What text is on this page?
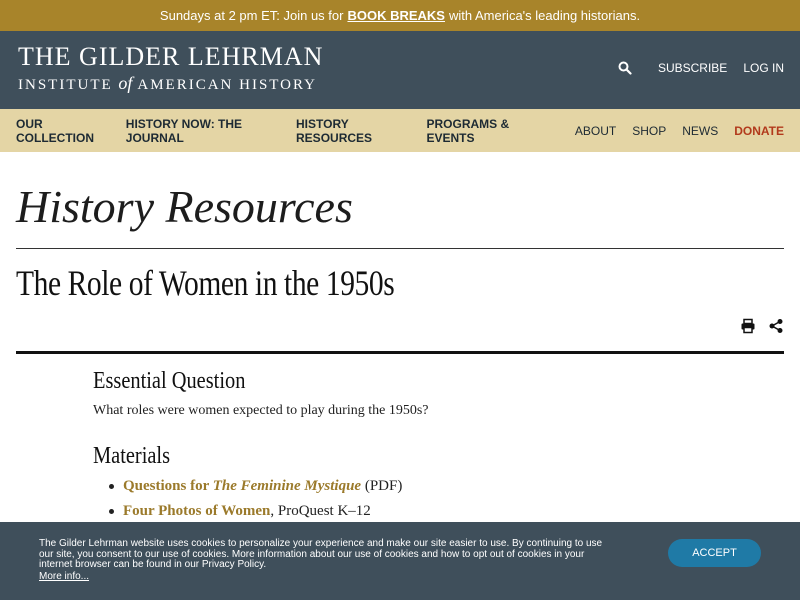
Sundays at 2 pm ET: Join us for BOOK BREAKS with America's leading historians.
THE GILDER LEHRMAN
INSTITUTE of AMERICAN HISTORY
SUBSCRIBE LOG IN
OUR COLLECTION
HISTORY NOW: THE JOURNAL
HISTORY RESOURCES
PROGRAMS & EVENTS	ABOUT SHOP NEWS DONATE
History Resources
The Role of Women in the 1950s
Essential Question

What roles were women expected to play during the 1950s?

Materials
Questions for The Feminine Mystique (PDF)
Four Photos of Women , ProQuest K–12
The Gilder Lehrman website uses cookies to personalize your experience and make our site easier to use. By continuing to use our site, you consent to our use of cookies. More information about our use of cookies and how to opt out of cookies in your internet browser can be found in our Privacy Policy.
More info...
ACCEPT
